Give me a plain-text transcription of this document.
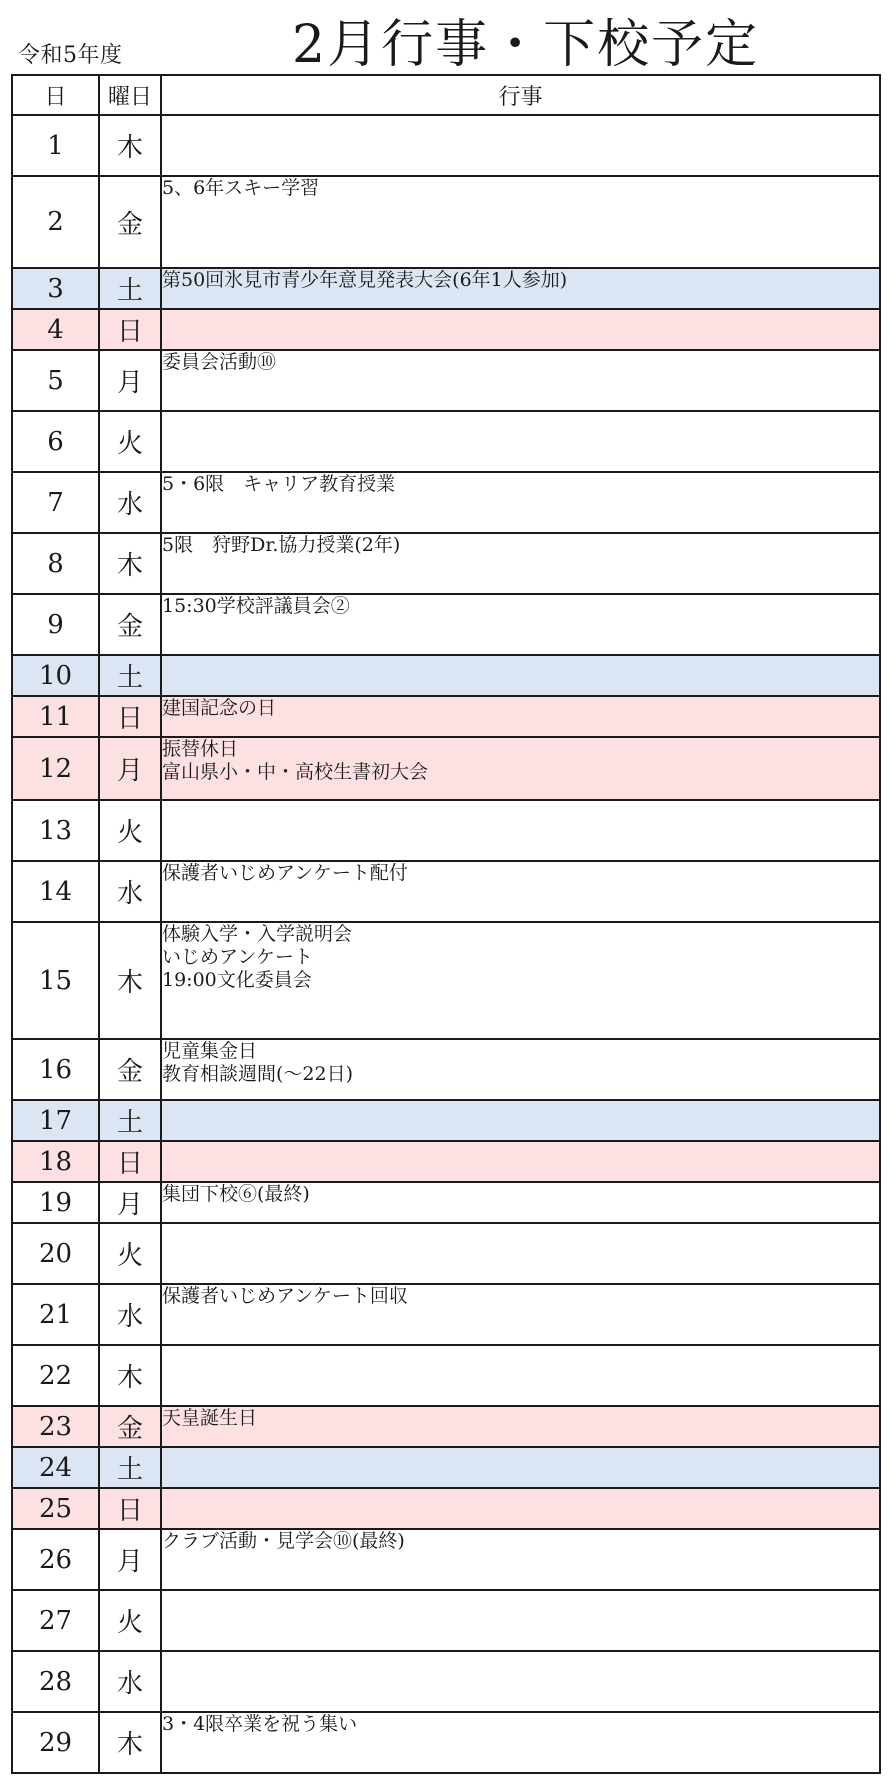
令和5年度	2月行事・下校予定
日	曜日	行事
1	木	
2	金	5、6年スキー学習

3	土	第50回氷見市青少年意見発表大会(6年1人参加)

4	日	
5	月	委員会活動⑩

6	火	
7	水	5・6限　キャリア教育授業

8	木	5限　狩野Dr.協力授業(2年)

9	金	15:30学校評議員会②

10	土	
11	日	建国記念の日

12	月	振替休日
富山県小・中・高校生書初大会

13	火	
14	水	保護者いじめアンケート配付

15	木	体験入学・入学説明会
いじめアンケート
19:00文化委員会

16	金	児童集金日
教育相談週間(～22日)

17	土	
18	日	
19	月	集団下校⑥(最終)

20	火	
21	水	保護者いじめアンケート回収

22	木	
23	金	天皇誕生日

24	土	
25	日	
26	月	クラブ活動・見学会⑩(最終)

27	火	
28	水	
29	木	3・4限卒業を祝う集い
